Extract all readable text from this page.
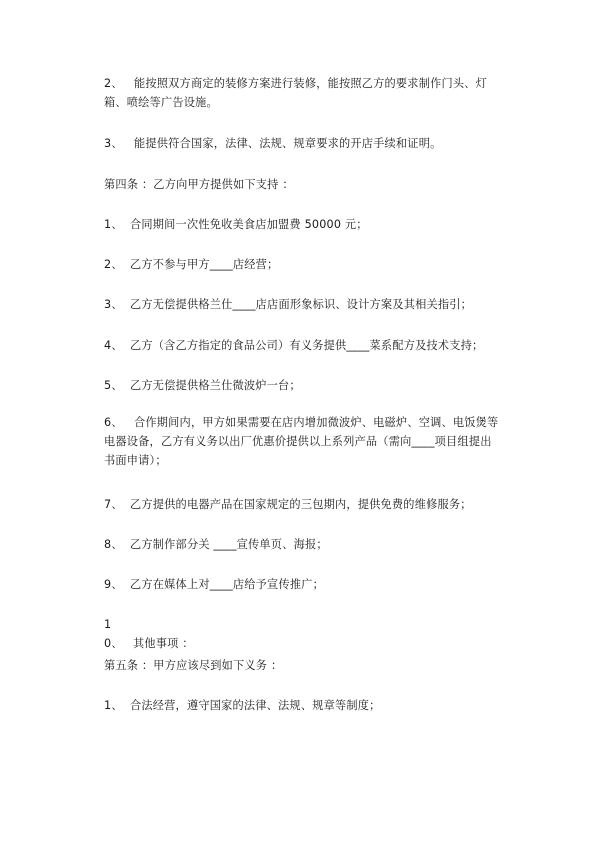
2、 能按照双方商定的装修方案进行装修，能按照乙方的要求制作门头、灯箱、喷绘等广告设施。

3、 能提供符合国家，法律、法规、规章要求的开店手续和证明。

第四条 ：乙方向甲方提供如下支持 ：

1、 合同期间一次性免收美食店加盟费 50000 元；

2、 乙方不参与甲方____店经营；

3、 乙方无偿提供格兰仕____店店面形象标识、设计方案及其相关指引；

4、 乙方（含乙方指定的食品公司）有义务提供____菜系配方及技术支持；

5、 乙方无偿提供格兰仕微波炉一台；

6、 合作期间内，甲方如果需要在店内增加微波炉、电磁炉、空调、电饭煲等电器设备，乙方有义务以出厂优惠价提供以上系列产品（需向____项目组提出书面申请）；

7、 乙方提供的电器产品在国家规定的三包期内，提供免费的维修服务；

8、 乙方制作部分关 ____宣传单页、海报；

9、 乙方在媒体上对____店给予宣传推广；

10、 其他事项 ：

第五条 ：甲方应该尽到如下义务 ：

1、 合法经营，遵守国家的法律、法规、规章等制度；
